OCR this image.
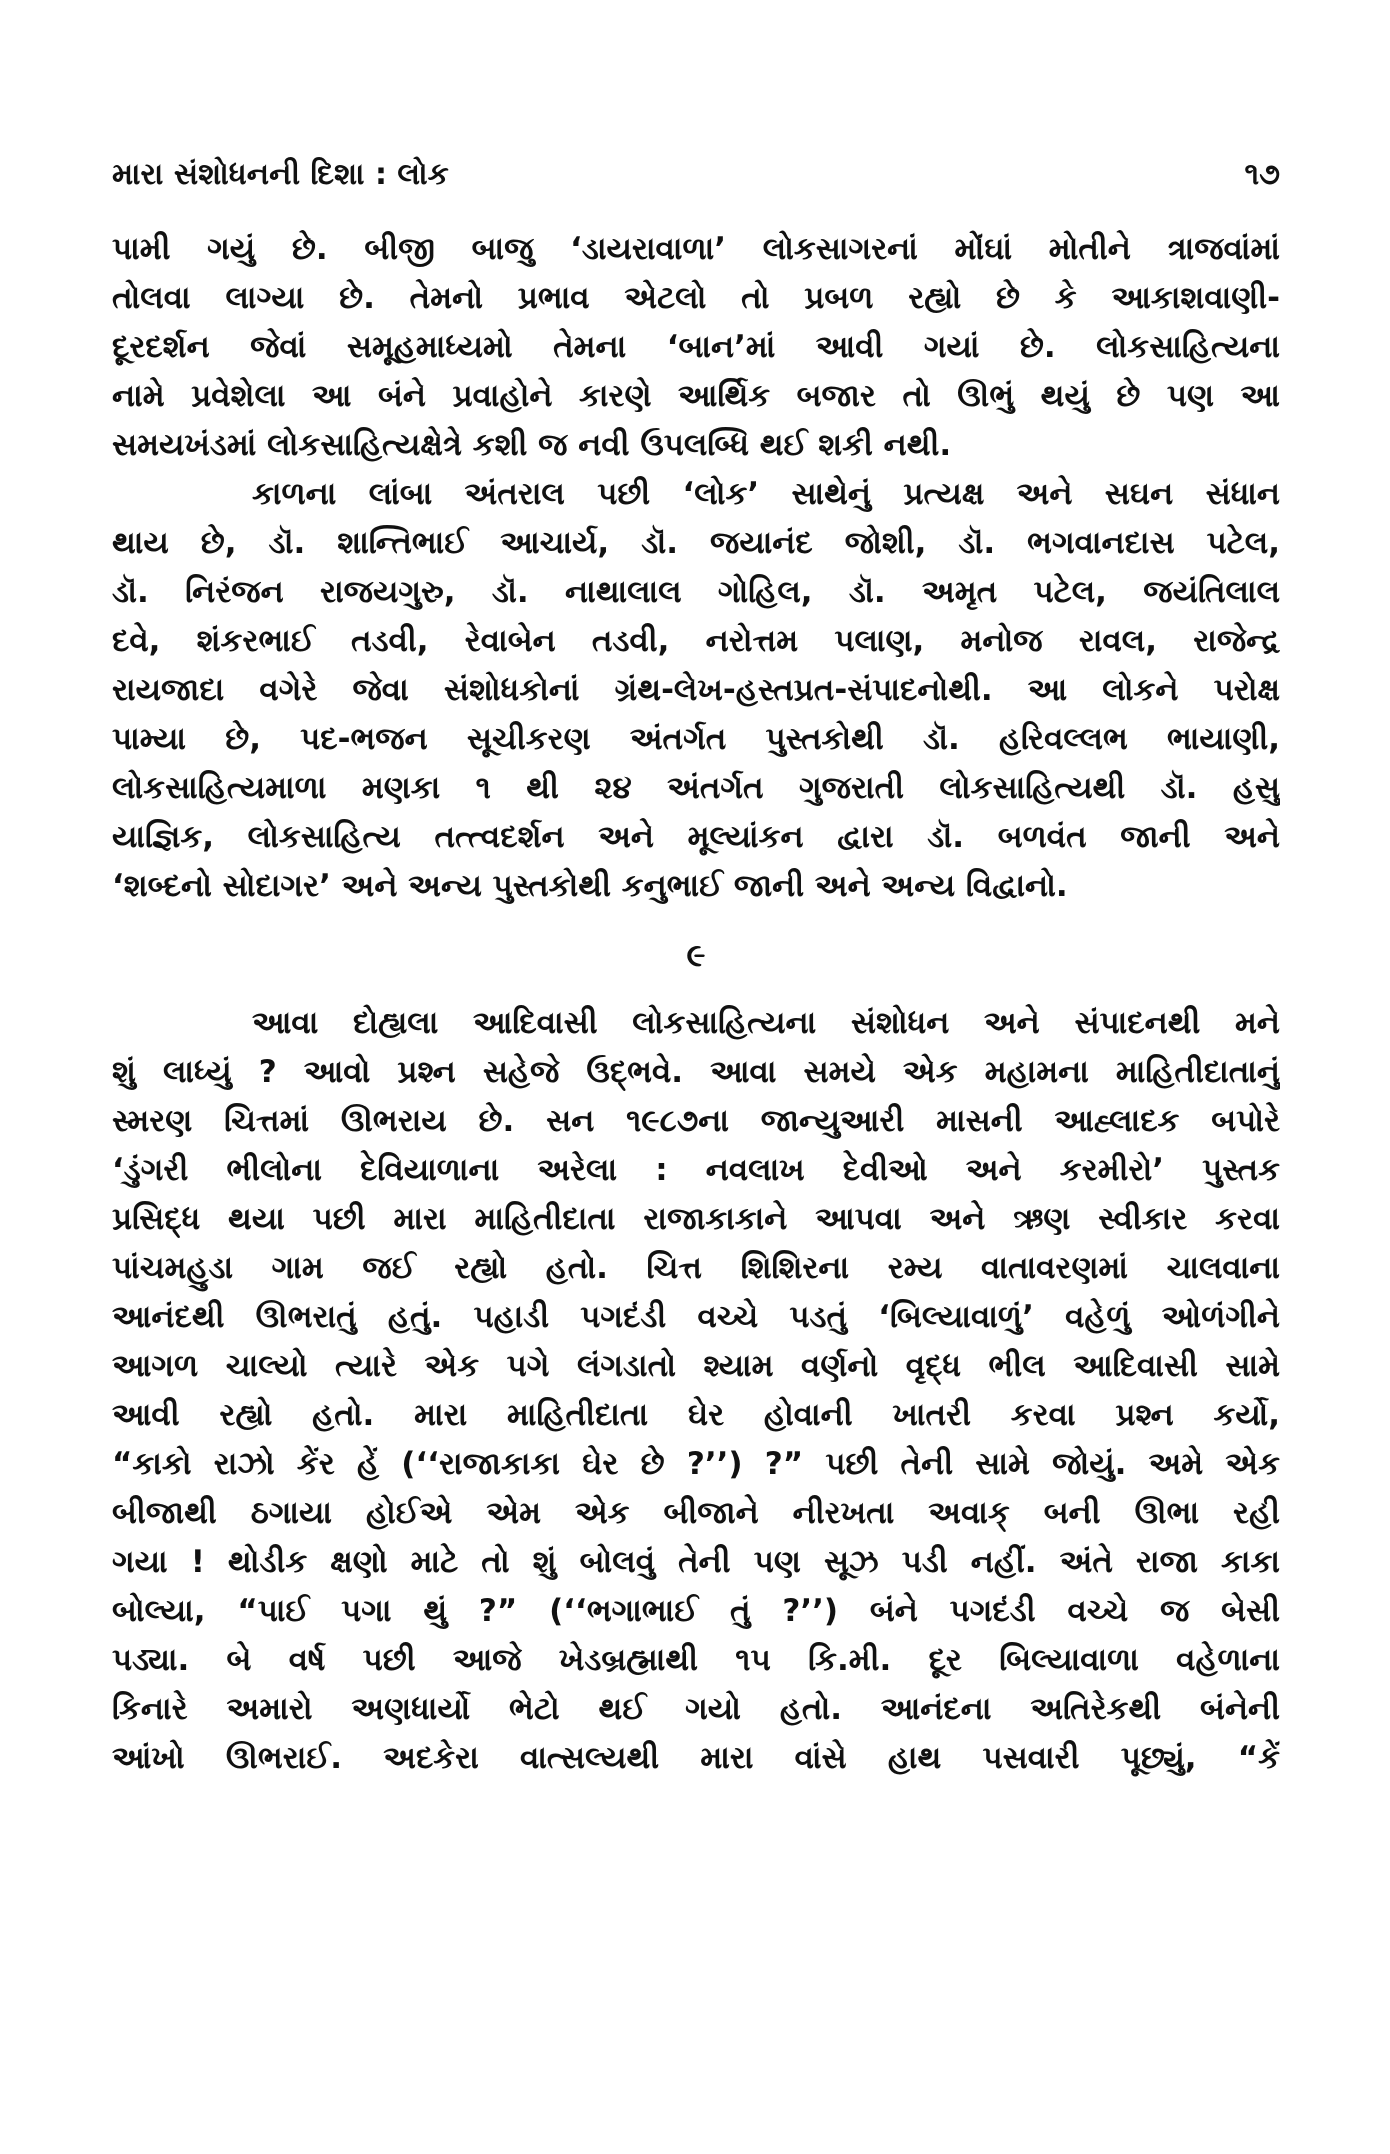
મારા સંશોધનની દિશા : લોક	૧૭
પામી ગયું છે. બીજી બાજુ ‘ડાયરાવાળા’ લોકસાગરનાં મોંઘાં મોતીને ત્રાજવાંમાં
તોલવા લાગ્યા છે. તેમનો પ્રભાવ એટલો તો પ્રબળ રહ્યો છે કે આકાશવાણી-
દૂરદર્શન જેવાં સમૂહમાધ્યમો તેમના ‘બાન’માં આવી ગયાં છે. લોકસાહિત્યના
નામે પ્રવેશેલા આ બંને પ્રવાહોને કારણે આર્થિક બજાર તો ઊભું થયું છે પણ આ
સમયખંડમાં લોકસાહિત્યક્ષેત્રે કશી જ નવી ઉપલબ્ધિ થઈ શકી નથી.
કાળના લાંબા અંતરાલ પછી ‘લોક’ સાથેનું પ્રત્યક્ષ અને સઘન સંધાન
થાય છે, ડૉ. શાન્તિભાઈ આચાર્ય, ડૉ. જયાનંદ જોશી, ડૉ. ભગવાનદાસ પટેલ,
ડૉ. નિરંજન રાજયગુરુ, ડૉ. નાથાલાલ ગોહિલ, ડૉ. અમૃત પટેલ, જયંતિલાલ
દવે, શંકરભાઈ તડવી, રેવાબેન તડવી, નરોત્તમ પલાણ, મનોજ રાવલ, રાજેન્દ્ર
રાયજાદા વગેરે જેવા સંશોધકોનાં ગ્રંથ-લેખ-હસ્તપ્રત-સંપાદનોથી. આ લોકને પરોક્ષ
પામ્યા છે, પદ-ભજન સૂચીકરણ અંતર્ગત પુસ્તકોથી ડૉ. હરિવલ્લભ ભાયાણી,
લોકસાહિત્યમાળા મણકા ૧ થી ૨૪ અંતર્ગત ગુજરાતી લોકસાહિત્યથી ડૉ. હસુ
યાજ્ઞિક, લોકસાહિત્ય તત્ત્વદર્શન અને મૂલ્યાંકન દ્વારા ડૉ. બળવંત જાની અને
‘શબ્દનો સોદાગર’ અને અન્ય પુસ્તકોથી કનુભાઈ જાની અને અન્ય વિદ્વાનો.
૯
આવા દોહ્યલા આદિવાસી લોકસાહિત્યના સંશોધન અને સંપાદનથી મને
શું લાધ્યું ? આવો પ્રશ્ન સહેજે ઉદ્ભવે. આવા સમયે એક મહામના માહિતીદાતાનું
સ્મરણ ચિત્તમાં ઊભરાય છે. સન ૧૯૮૭ના જાન્યુઆરી માસની આહ્લાદક બપોરે
‘ડુંગરી ભીલોના દેવિયાળાના અરેલા : નવલાખ દેવીઓ અને કરમીરો’ પુસ્તક
પ્રસિદ્ધ થયા પછી મારા માહિતીદાતા રાજાકાકાને આપવા અને ઋણ સ્વીકાર કરવા
પાંચમહુડા ગામ જઈ રહ્યો હતો. ચિત્ત શિશિરના રમ્ય વાતાવરણમાં ચાલવાના
આનંદથી ઊભરાતું હતું. પહાડી પગદંડી વચ્ચે પડતું ‘બિલ્યાવાળું’ વહેળું ઓળંગીને
આગળ ચાલ્યો ત્યારે એક પગે લંગડાતો શ્યામ વર્ણનો વૃદ્ધ ભીલ આદિવાસી સામે
આવી રહ્યો હતો. મારા માહિતીદાતા ઘેર હોવાની ખાતરી કરવા પ્રશ્ન કર્યો,
“કાકો રાઝો કેંર હેં (‘‘રાજાકાકા ઘેર છે ?’’) ?” પછી તેની સામે જોયું. અમે એક
બીજાથી ઠગાયા હોઈએ એમ એક બીજાને નીરખતા અવાક્ બની ઊભા રહી
ગયા ! થોડીક ક્ષણો માટે તો શું બોલવું તેની પણ સૂઝ પડી નહીં. અંતે રાજા કાકા
બોલ્યા, “પાઈ પગા થું ?” (‘‘ભગાભાઈ તું ?’’) બંને પગદંડી વચ્ચે જ બેસી
પડ્યા. બે વર્ષ પછી આજે ખેડબ્રહ્માથી ૧૫ કિ.મી. દૂર બિલ્યાવાળા વહેળાના
કિનારે અમારો અણધાર્યો ભેટો થઈ ગયો હતો. આનંદના અતિરેકથી બંનેની
આંખો ઊભરાઈ. અદકેરા વાત્સલ્યથી મારા વાંસે હાથ પસવારી પૂછ્યું, “કેં
